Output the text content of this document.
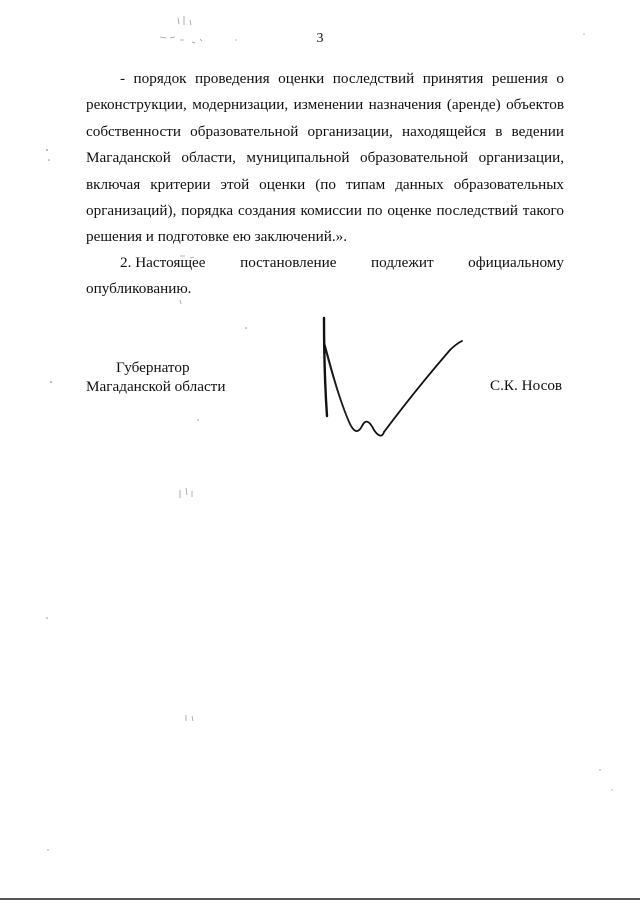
3

- порядок проведения оценки последствий принятия решения о реконструкции, модернизации, изменении назначения (аренде) объектов собственности образовательной организации, находящейся в ведении Магаданской области, муниципальной образовательной организации, включая критерии этой оценки (по типам данных образовательных организаций), порядка создания комиссии по оценке последствий такого решения и подготовке ею заключений.».

2. Настоящее постановление подлежит официальному
опубликованию.
Губернатор
Магаданской области	С.К. Носов
